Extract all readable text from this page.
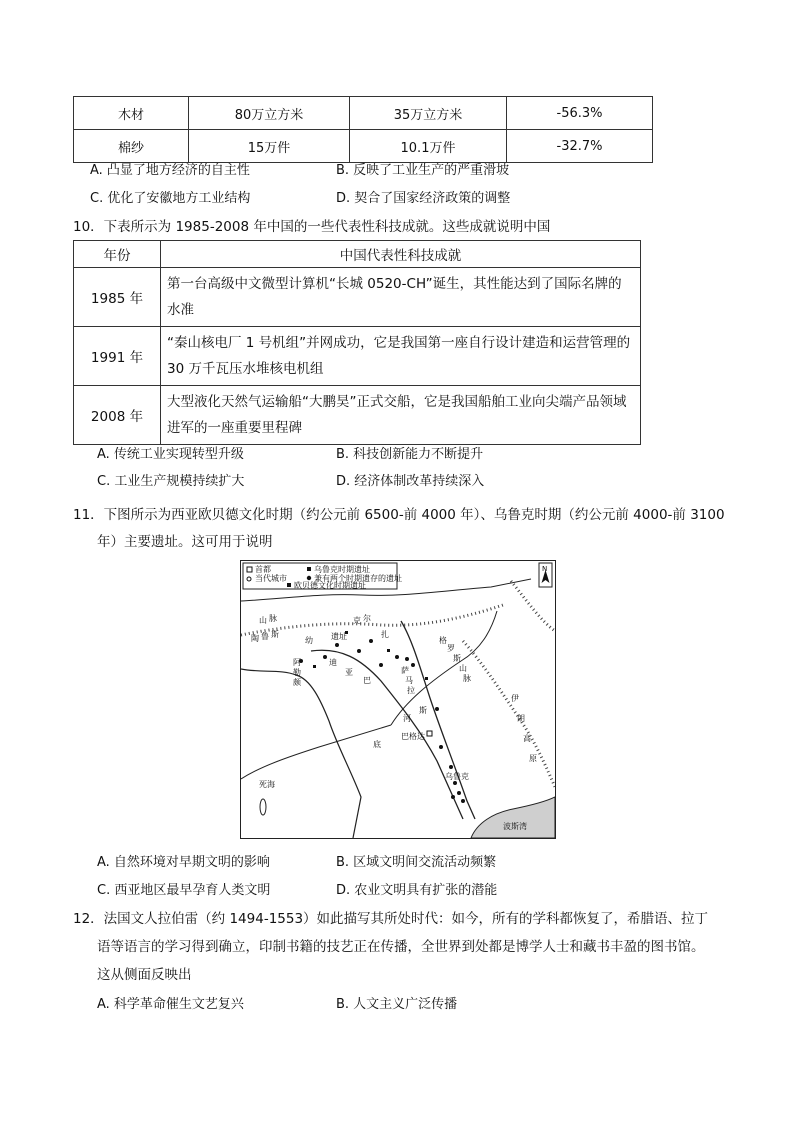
木材	80万立方米	35万立方米	-56.3%
棉纱	15万件	10.1万件	-32.7%
A. 凸显了地方经济的自主性	B. 反映了工业生产的严重滑坡
C. 优化了安徽地方工业结构	D. 契合了国家经济政策的调整
10．下表所示为 1985-2008 年中国的一些代表性科技成就。这些成就说明中国
年份	中国代表性科技成就
1985 年	第一台高级中文微型计算机“长城 0520-CH”诞生，其性能达到了国际名牌的水准
1991 年	“秦山核电厂 1 号机组”并网成功，它是我国第一座自行设计建造和运营管理的 30 万千瓦压水堆核电机组
2008 年	大型液化天然气运输船“大鹏昊”正式交船，它是我国船舶工业向尖端产品领域进军的一座重要里程碑
A. 传统工业实现转型升级	B. 科技创新能力不断提升
C. 工业生产规模持续扩大	D. 经济体制改革持续深入
11．下图所示为西亚欧贝德文化时期（约公元前 6500-前 4000 年）、乌鲁克时期（约公元前 4000-前 3100
年）主要遗址。这可用于说明
首都
当代城市
欧贝德文化时期遗址
乌鲁克时期遗址
兼有两个时期遗存的遗址
N
山 脉
陶 鲁 斯
幼 遗址
阿
勒
颇
迪
亚
巴
克 尔
扎
格
罗
斯
山
脉
萨
马
拉
伊
朗
高
原
巴格达
死海
乌鲁克
底
河
斯
波斯湾
A. 自然环境对早期文明的影响	B. 区域文明间交流活动频繁
C. 西亚地区最早孕育人类文明	D. 农业文明具有扩张的潜能
12．法国文人拉伯雷（约 1494-1553）如此描写其所处时代：如今，所有的学科都恢复了，希腊语、拉丁
语等语言的学习得到确立，印制书籍的技艺正在传播，全世界到处都是博学人士和藏书丰盈的图书馆。
这从侧面反映出
A. 科学革命催生文艺复兴	B. 人文主义广泛传播
